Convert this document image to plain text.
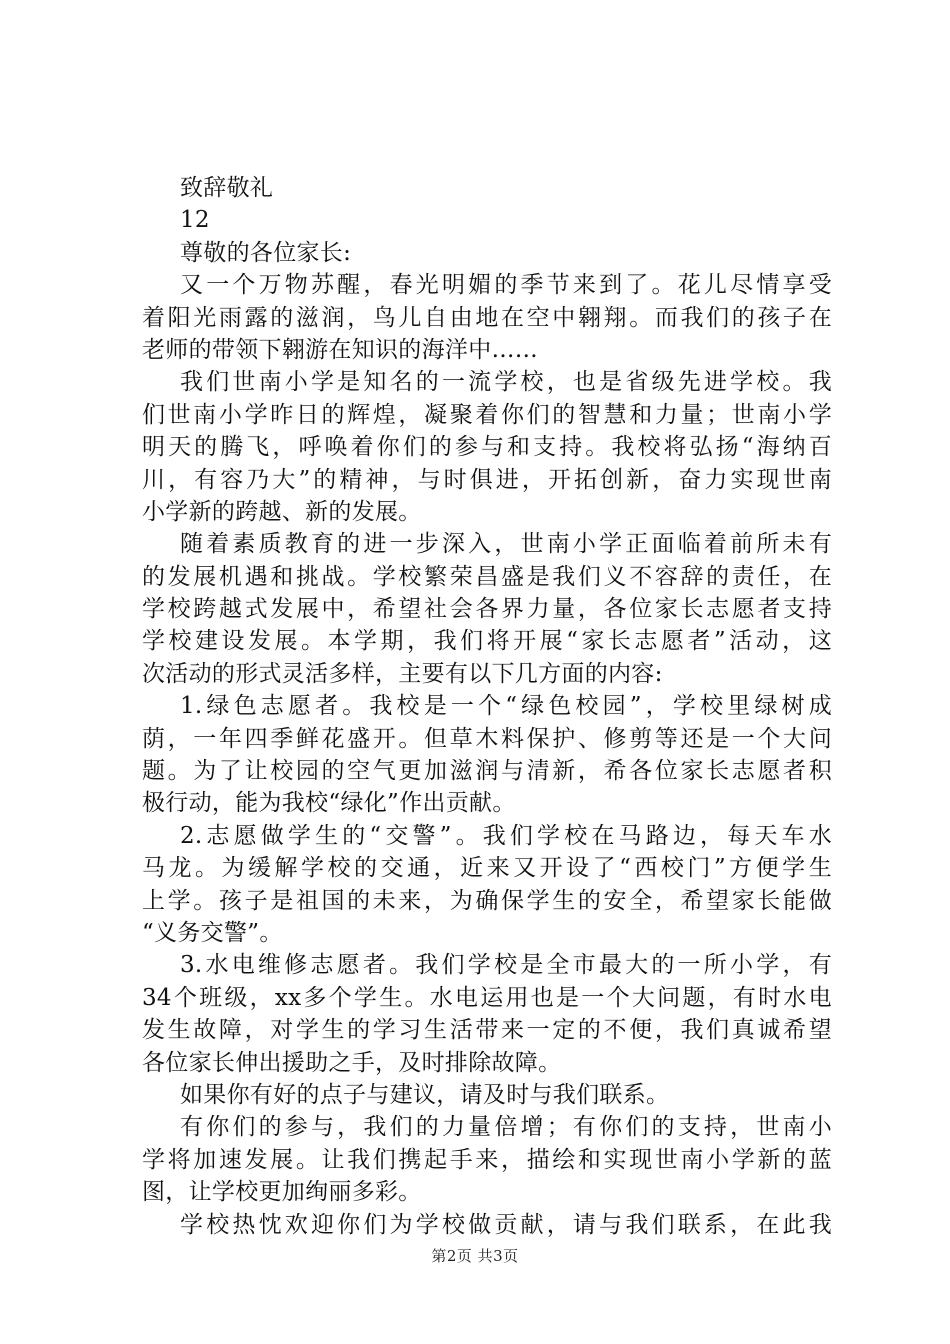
致辞敬礼
12
尊敬的各位家长:
又一个万物苏醒，春光明媚的季节来到了。花儿尽情享受
着阳光雨露的滋润，鸟儿自由地在空中翱翔。而我们的孩子在
老师的带领下翱游在知识的海洋中……
我们世南小学是知名的一流学校，也是省级先进学校。我
们世南小学昨日的辉煌，凝聚着你们的智慧和力量；世南小学
明天的腾飞，呼唤着你们的参与和支持。我校将弘扬“海纳百
川，有容乃大”的精神，与时俱进，开拓创新，奋力实现世南
小学新的跨越、新的发展。
随着素质教育的进一步深入，世南小学正面临着前所未有
的发展机遇和挑战。学校繁荣昌盛是我们义不容辞的责任，在
学校跨越式发展中，希望社会各界力量，各位家长志愿者支持
学校建设发展。本学期，我们将开展“家长志愿者”活动，这
次活动的形式灵活多样，主要有以下几方面的内容:
1.绿色志愿者。我校是一个“绿色校园”，学校里绿树成
荫，一年四季鲜花盛开。但草木料保护、修剪等还是一个大问
题。为了让校园的空气更加滋润与清新，希各位家长志愿者积
极行动，能为我校“绿化”作出贡献。
2.志愿做学生的“交警”。我们学校在马路边，每天车水
马龙。为缓解学校的交通，近来又开设了“西校门”方便学生
上学。孩子是祖国的未来，为确保学生的安全，希望家长能做
“义务交警”。
3.水电维修志愿者。我们学校是全市最大的一所小学，有
34个班级，xx多个学生。水电运用也是一个大问题，有时水电
发生故障，对学生的学习生活带来一定的不便，我们真诚希望
各位家长伸出援助之手，及时排除故障。
如果你有好的点子与建议，请及时与我们联系。
有你们的参与，我们的力量倍增；有你们的支持，世南小
学将加速发展。让我们携起手来，描绘和实现世南小学新的蓝
图，让学校更加绚丽多彩。
学校热忱欢迎你们为学校做贡献，请与我们联系，在此我
第2页 共3页
